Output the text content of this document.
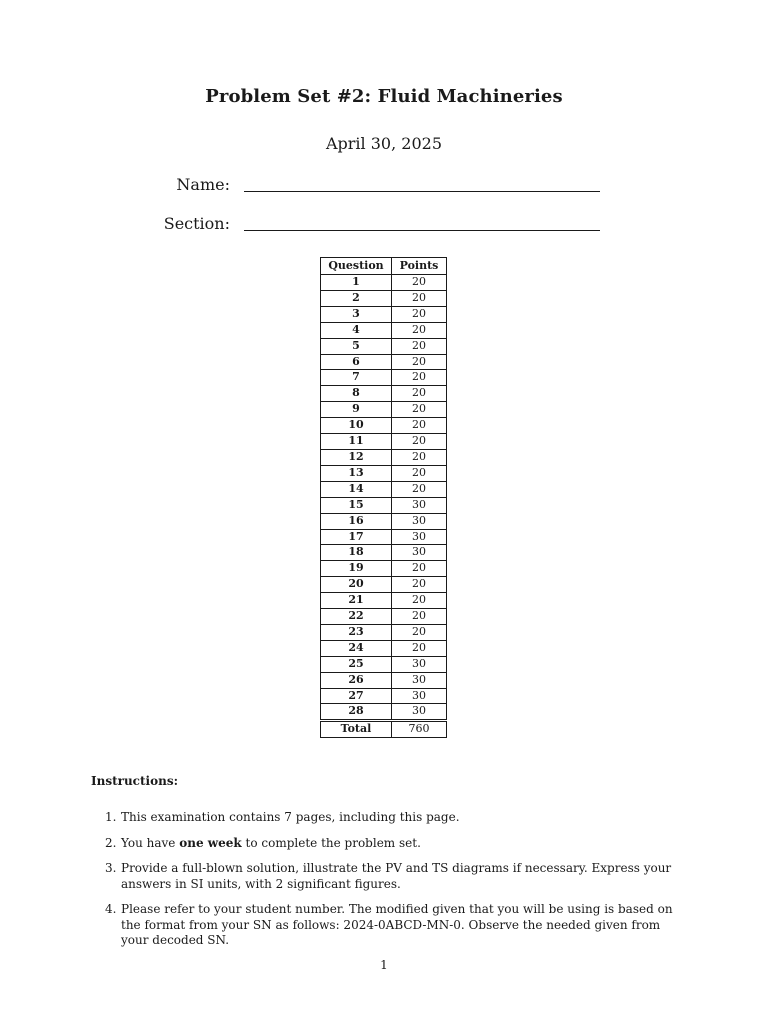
Problem Set #2: Fluid Machineries
April 30, 2025
Name:
Section:
Question	Points
1	20
2	20
3	20
4	20
5	20
6	20
7	20
8	20
9	20
10	20
11	20
12	20
13	20
14	20
15	30
16	30
17	30
18	30
19	20
20	20
21	20
22	20
23	20
24	20
25	30
26	30
27	30
28	30
Total	760
Instructions:
1. This examination contains 7 pages, including this page.
2. You have one week to complete the problem set.
3. Provide a full-blown solution, illustrate the PV and TS diagrams if necessary. Express your answers in SI units, with 2 significant figures.
4. Please refer to your student number. The modified given that you will be using is based on the format from your SN as follows: 2024-0ABCD-MN-0. Observe the needed given from your decoded SN.
1
